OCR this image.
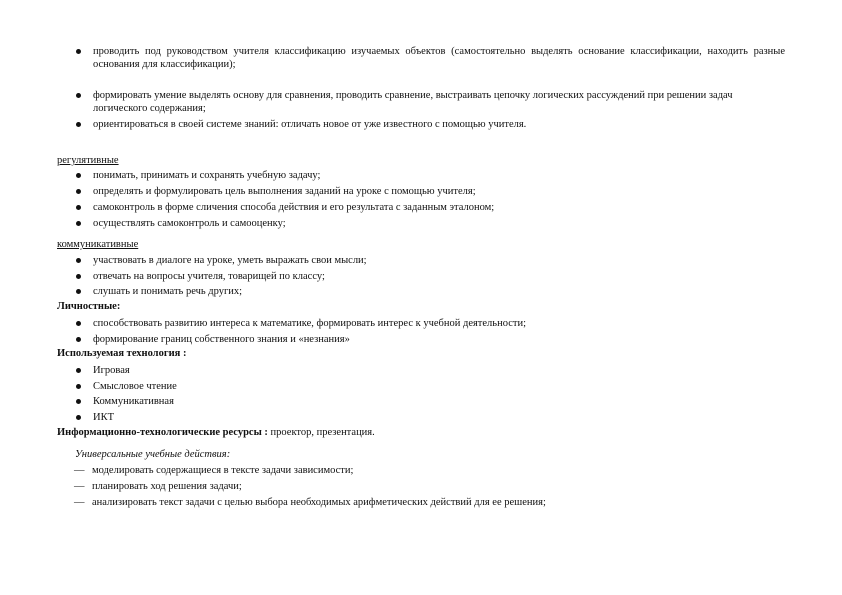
проводить под руководством учителя классификацию изучаемых объектов (самостоятельно выделять основание классификации, находить разные основания для классификации);
формировать умение выделять основу для сравнения, проводить сравнение, выстраивать цепочку логических рассуждений при решении задач логического содержания;
ориентироваться в своей системе знаний: отличать новое от уже известного с помощью учителя.
регулятивные
понимать, принимать и сохранять учебную задачу;
определять и формулировать цель выполнения заданий на уроке с помощью учителя;
самоконтроль в форме сличения способа действия и его результата с заданным эталоном;
осуществлять самоконтроль и самооценку;
коммуникативные
участвовать в диалоге на уроке, уметь выражать свои мысли;
отвечать на вопросы учителя, товарищей по классу;
слушать и понимать речь других;
Личностные:
способствовать развитию интереса к математике, формировать интерес к учебной деятельности;
формирование границ собственного знания и «незнания»
Используемая технология :
Игровая
Смысловое чтение
Коммуникативная
ИКТ
Информационно-технологические ресурсы : проектор, презентация.
Универсальные учебные действия:
— моделировать содержащиеся в тексте задачи зависимости;
— планировать ход решения задачи;
— анализировать текст задачи с целью выбора необходимых арифметических действий для ее решения;
